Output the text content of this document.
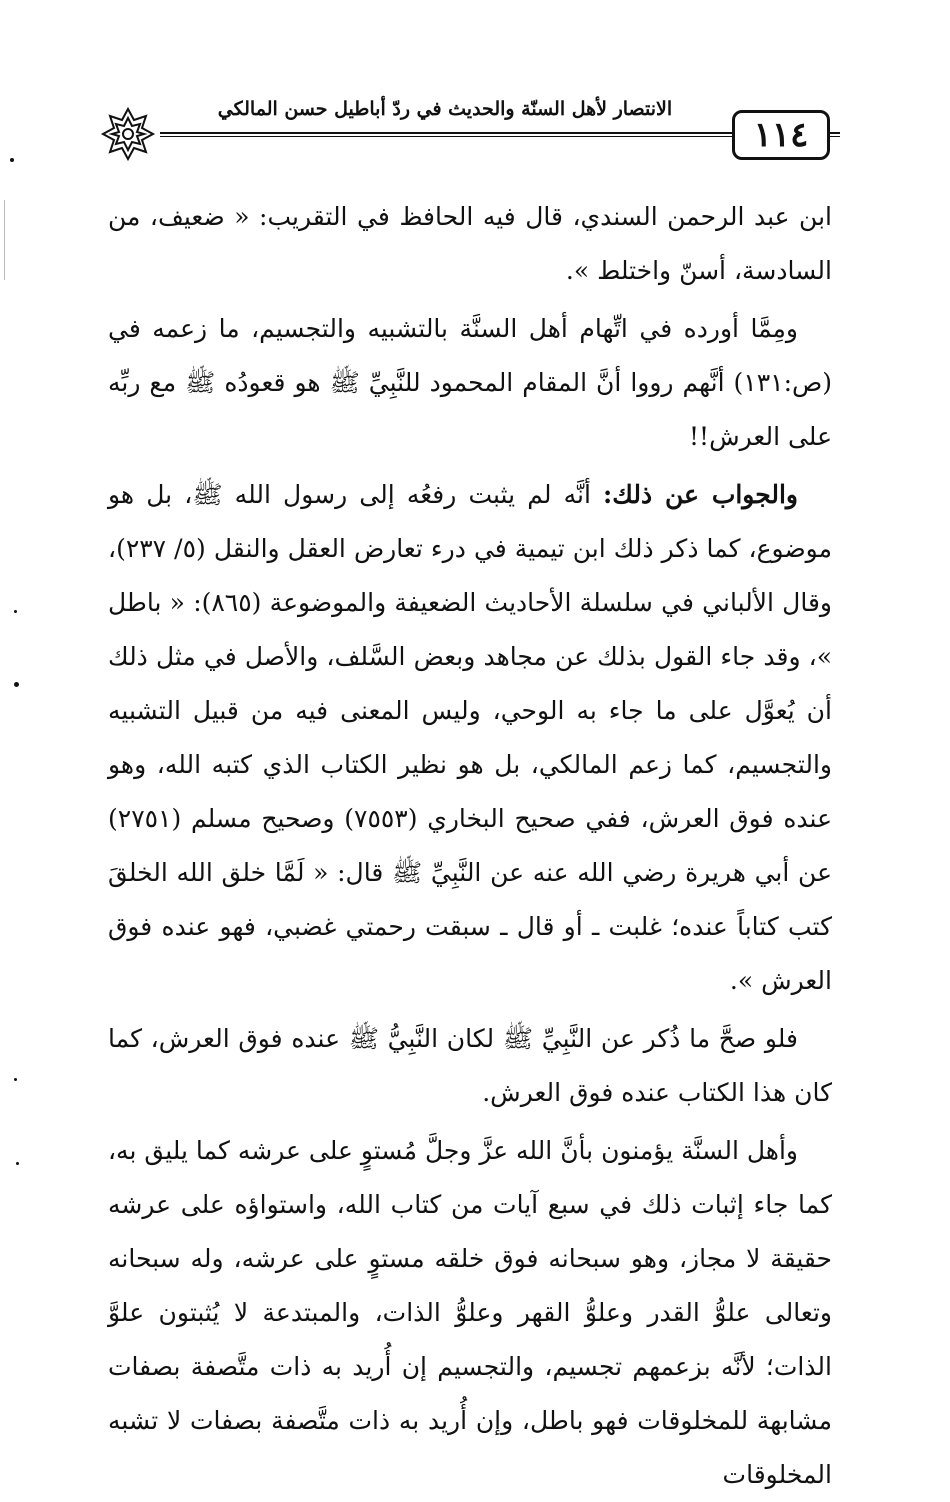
١١٤
الانتصار لأهل السنّة والحديث في ردّ أباطيل حسن المالكي

ابن عبد الرحمن السندي، قال فيه الحافظ في التقريب: « ضعيف، من السادسة، أسنّ واختلط ».

ومِمَّا أورده في اتِّهام أهل السنَّة بالتشبيه والتجسيم، ما زعمه في (ص:١٣١) أنَّهم رووا أنَّ المقام المحمود للنَّبِيِّ ﷺ هو قعودُه ﷺ مع ربِّه على العرش!!

والجواب عن ذلك: أنَّه لم يثبت رفعُه إلى رسول الله ﷺ، بل هو موضوع، كما ذكر ذلك ابن تيمية في درء تعارض العقل والنقل (٥/ ٢٣٧)، وقال الألباني في سلسلة الأحاديث الضعيفة والموضوعة (٨٦٥): « باطل »، وقد جاء القول بذلك عن مجاهد وبعض السَّلف، والأصل في مثل ذلك أن يُعوَّل على ما جاء به الوحي، وليس المعنى فيه من قبيل التشبيه والتجسيم، كما زعم المالكي، بل هو نظير الكتاب الذي كتبه الله، وهو عنده فوق العرش، ففي صحيح البخاري (٧٥٥٣) وصحيح مسلم (٢٧٥١) عن أبي هريرة رضي الله عنه عن النَّبِيِّ ﷺ قال: « لَمَّا خلق الله الخلقَ كتب كتاباً عنده؛ غلبت ـ أو قال ـ سبقت رحمتي غضبي، فهو عنده فوق العرش ».

فلو صحَّ ما ذُكر عن النَّبِيِّ ﷺ لكان النَّبِيُّ ﷺ عنده فوق العرش، كما كان هذا الكتاب عنده فوق العرش.

وأهل السنَّة يؤمنون بأنَّ الله عزَّ وجلَّ مُستوٍ على عرشه كما يليق به، كما جاء إثبات ذلك في سبع آيات من كتاب الله، واستواؤه على عرشه حقيقة لا مجاز، وهو سبحانه فوق خلقه مستوٍ على عرشه، وله سبحانه وتعالى علوُّ القدر وعلوُّ القهر وعلوُّ الذات، والمبتدعة لا يُثبتون علوَّ الذات؛ لأنَّه بزعمهم تجسيم، والتجسيم إن أُريد به ذات متَّصفة بصفات مشابهة للمخلوقات فهو باطل، وإن أُريد به ذات متَّصفة بصفات لا تشبه المخلوقات
